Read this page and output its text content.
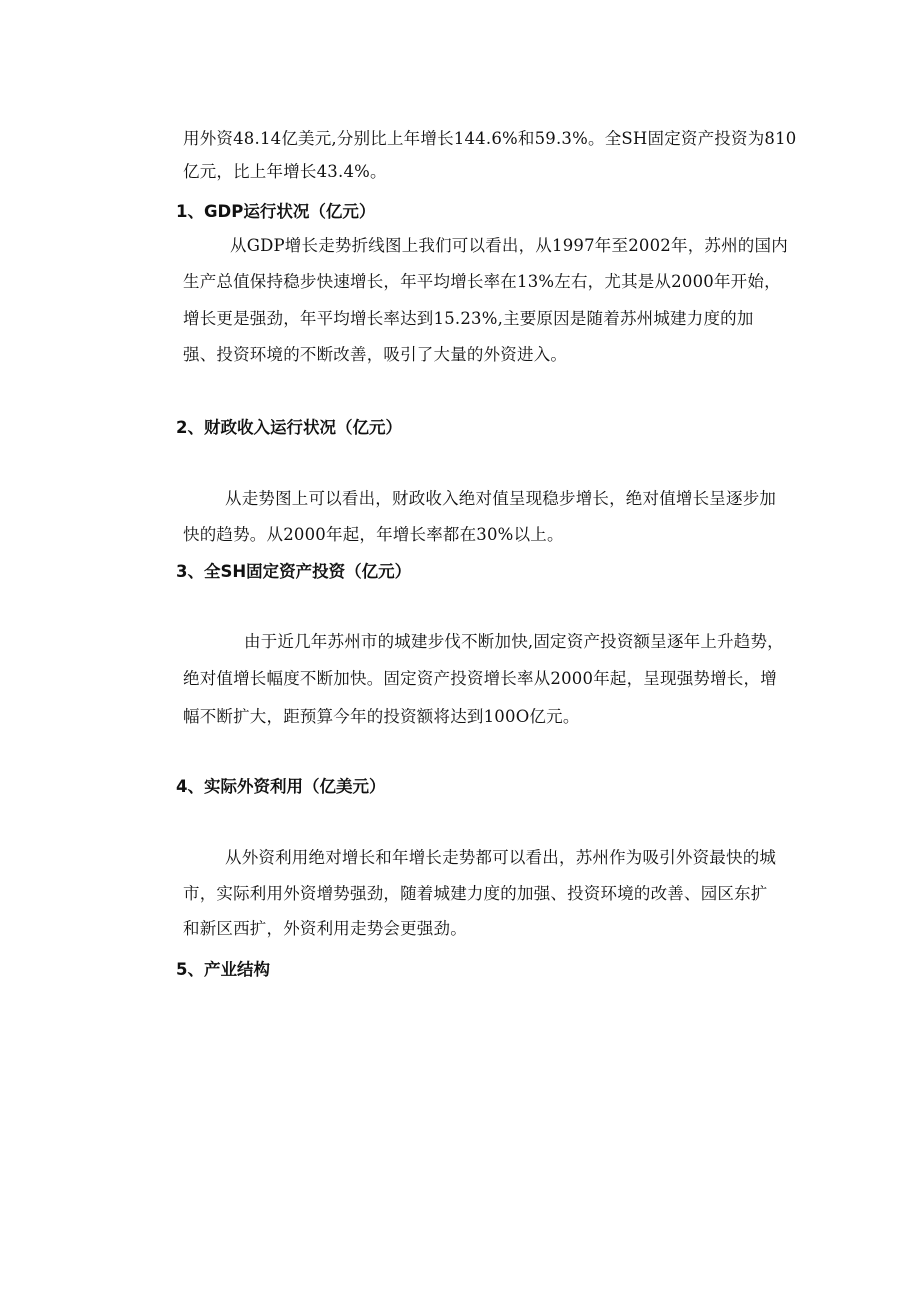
用外资48.14亿美元,分别比上年增长144.6%和59.3%。全SH固定资产投资为810
亿元，比上年增长43.4%。
1、GDP运行状况（亿元）
从GDP增长走势折线图上我们可以看出，从1997年至2002年，苏州的国内
生产总值保持稳步快速增长，年平均增长率在13%左右，尤其是从2000年开始，
增长更是强劲，年平均增长率达到15.23%,主要原因是随着苏州城建力度的加
强、投资环境的不断改善，吸引了大量的外资进入。
2、财政收入运行状况（亿元）
从走势图上可以看出，财政收入绝对值呈现稳步增长，绝对值增长呈逐步加
快的趋势。从2000年起，年增长率都在30%以上。
3、全SH固定资产投资（亿元）
由于近几年苏州市的城建步伐不断加快,固定资产投资额呈逐年上升趋势，
绝对值增长幅度不断加快。固定资产投资增长率从2000年起，呈现强势增长，增
幅不断扩大，距预算今年的投资额将达到100O亿元。
4、实际外资利用（亿美元）
从外资利用绝对增长和年增长走势都可以看出，苏州作为吸引外资最快的城
市，实际利用外资增势强劲，随着城建力度的加强、投资环境的改善、园区东扩
和新区西扩，外资利用走势会更强劲。
5、产业结构
